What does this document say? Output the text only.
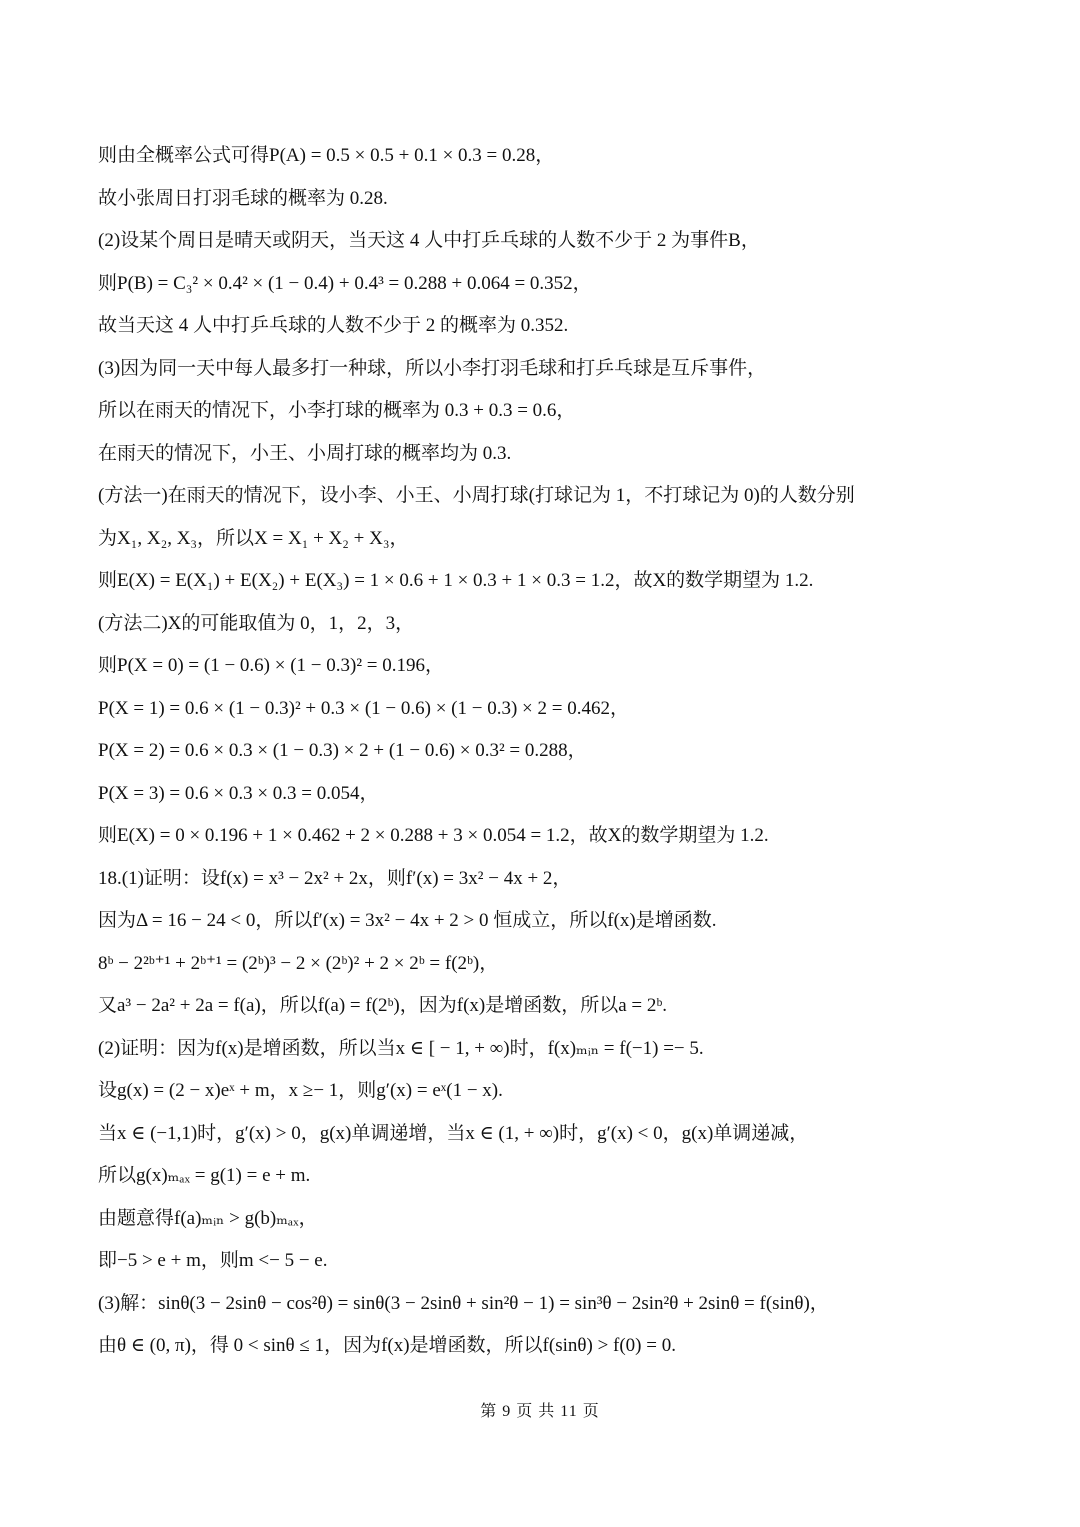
则由全概率公式可得P(A) = 0.5 × 0.5 + 0.1 × 0.3 = 0.28，
故小张周日打羽毛球的概率为 0.28.
(2)设某个周日是晴天或阴天，当天这 4 人中打乒乓球的人数不少于 2 为事件B，
则P(B) = C₃² × 0.4² × (1 − 0.4) + 0.4³ = 0.288 + 0.064 = 0.352，
故当天这 4 人中打乒乓球的人数不少于 2 的概率为 0.352.
(3)因为同一天中每人最多打一种球，所以小李打羽毛球和打乒乓球是互斥事件，
所以在雨天的情况下，小李打球的概率为 0.3 + 0.3 = 0.6，
在雨天的情况下，小王、小周打球的概率均为 0.3.
(方法一)在雨天的情况下，设小李、小王、小周打球(打球记为 1，不打球记为 0)的人数分别
为X₁, X₂, X₃，所以X = X₁ + X₂ + X₃，
则E(X) = E(X₁) + E(X₂) + E(X₃) = 1 × 0.6 + 1 × 0.3 + 1 × 0.3 = 1.2，故X的数学期望为 1.2.
(方法二)X的可能取值为 0，1，2，3，
则P(X = 0) = (1 − 0.6) × (1 − 0.3)² = 0.196，
P(X = 1) = 0.6 × (1 − 0.3)² + 0.3 × (1 − 0.6) × (1 − 0.3) × 2 = 0.462，
P(X = 2) = 0.6 × 0.3 × (1 − 0.3) × 2 + (1 − 0.6) × 0.3² = 0.288，
P(X = 3) = 0.6 × 0.3 × 0.3 = 0.054，
则E(X) = 0 × 0.196 + 1 × 0.462 + 2 × 0.288 + 3 × 0.054 = 1.2，故X的数学期望为 1.2.
18.(1)证明：设f(x) = x³ − 2x² + 2x，则f′(x) = 3x² − 4x + 2，
因为Δ = 16 − 24 < 0，所以f′(x) = 3x² − 4x + 2 > 0 恒成立，所以f(x)是增函数.
8ᵇ − 2²ᵇ⁺¹ + 2ᵇ⁺¹ = (2ᵇ)³ − 2 × (2ᵇ)² + 2 × 2ᵇ = f(2ᵇ)，
又a³ − 2a² + 2a = f(a)，所以f(a) = f(2ᵇ)，因为f(x)是增函数，所以a = 2ᵇ.
(2)证明：因为f(x)是增函数，所以当x ∈ [ − 1, + ∞)时，f(x)ₘᵢₙ = f(−1) =− 5.
设g(x) = (2 − x)eˣ + m，x ≥− 1，则g′(x) = eˣ(1 − x).
当x ∈ (−1,1)时，g′(x) > 0，g(x)单调递增，当x ∈ (1, + ∞)时，g′(x) < 0，g(x)单调递减，
所以g(x)ₘₐₓ = g(1) = e + m.
由题意得f(a)ₘᵢₙ > g(b)ₘₐₓ，
即−5 > e + m，则m <− 5 − e.
(3)解：sinθ(3 − 2sinθ − cos²θ) = sinθ(3 − 2sinθ + sin²θ − 1) = sin³θ − 2sin²θ + 2sinθ = f(sinθ)，
由θ ∈ (0, π)，得 0 < sinθ ≤ 1，因为f(x)是增函数，所以f(sinθ) > f(0) = 0.
第 9 页 共 11 页
